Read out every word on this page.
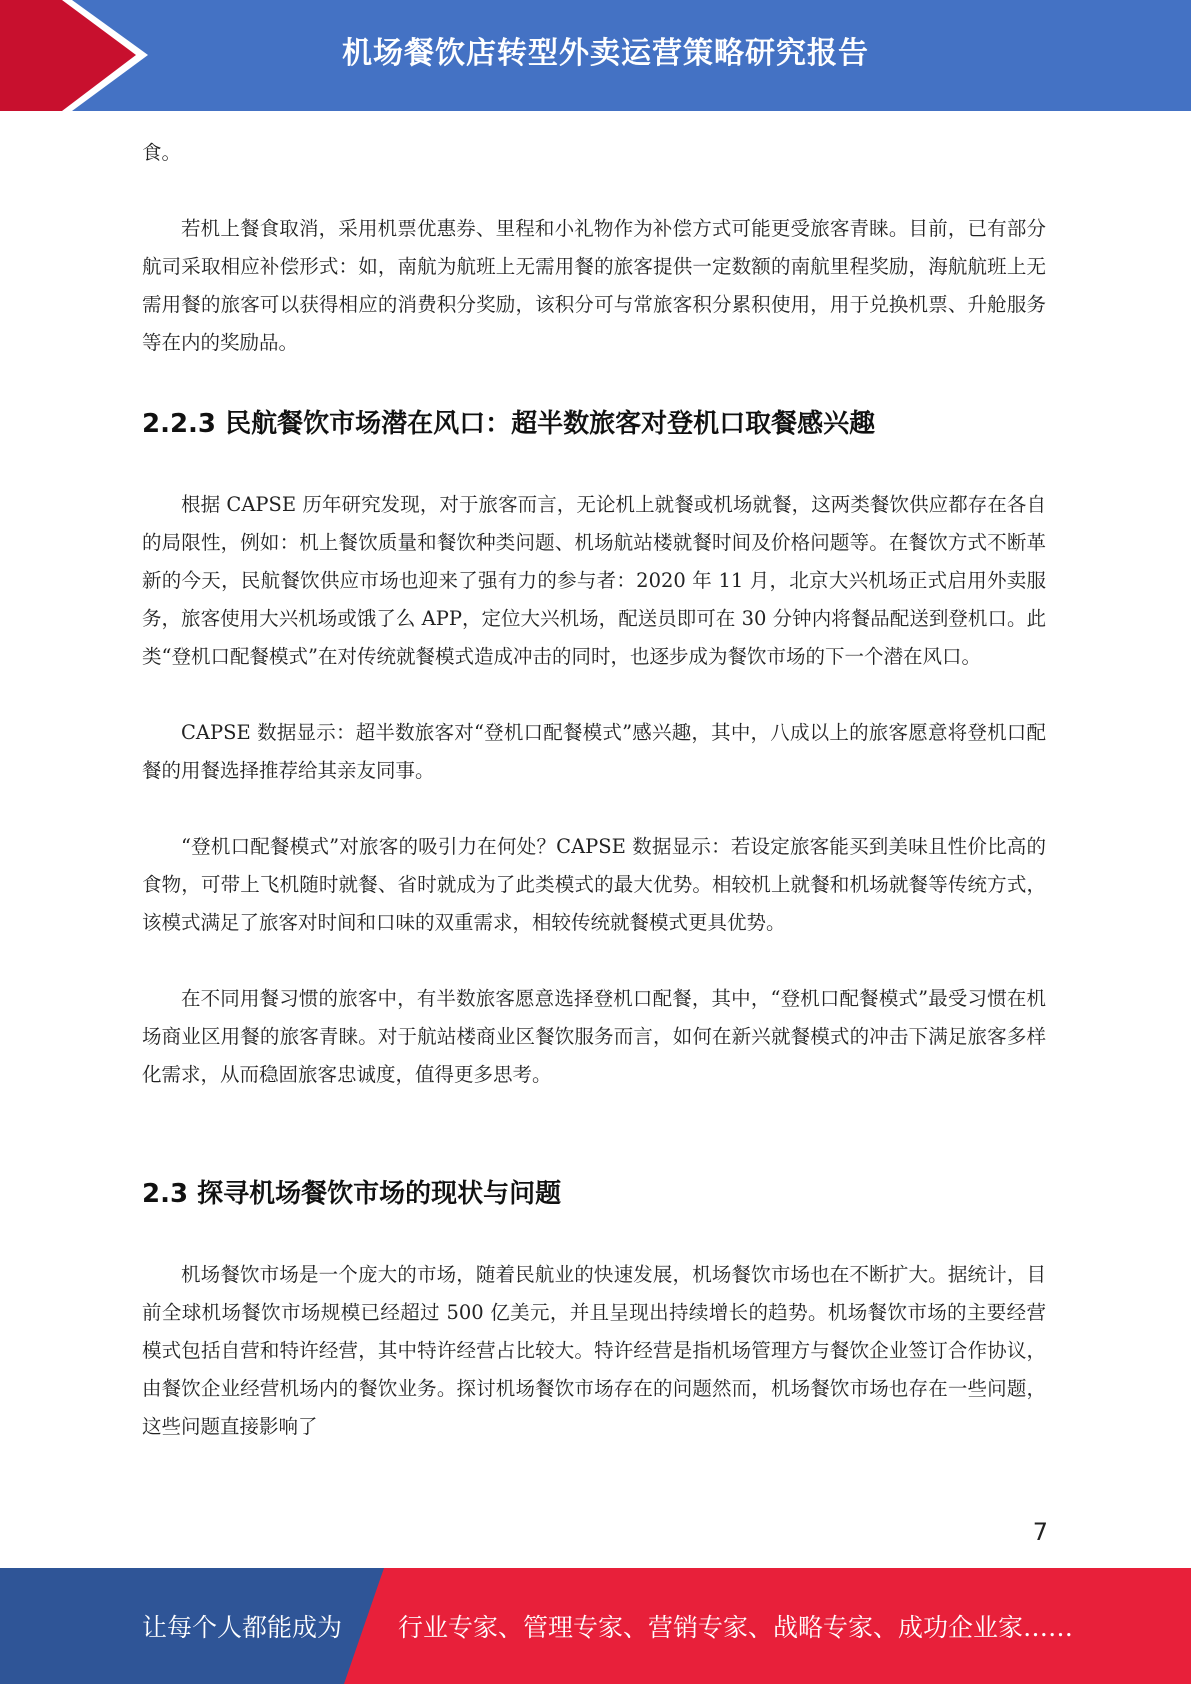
机场餐饮店转型外卖运营策略研究报告

食。

若机上餐食取消，采用机票优惠券、里程和小礼物作为补偿方式可能更受旅客青睐。目前，已有部分航司采取相应补偿形式：如，南航为航班上无需用餐的旅客提供一定数额的南航里程奖励，海航航班上无需用餐的旅客可以获得相应的消费积分奖励，该积分可与常旅客积分累积使用，用于兑换机票、升舱服务等在内的奖励品。

2.2.3 民航餐饮市场潜在风口：超半数旅客对登机口取餐感兴趣

根据 CAPSE 历年研究发现，对于旅客而言，无论机上就餐或机场就餐，这两类餐饮供应都存在各自的局限性，例如：机上餐饮质量和餐饮种类问题、机场航站楼就餐时间及价格问题等。在餐饮方式不断革新的今天，民航餐饮供应市场也迎来了强有力的参与者：2020 年 11 月，北京大兴机场正式启用外卖服务，旅客使用大兴机场或饿了么 APP，定位大兴机场，配送员即可在 30 分钟内将餐品配送到登机口。此类“登机口配餐模式”在对传统就餐模式造成冲击的同时，也逐步成为餐饮市场的下一个潜在风口。

CAPSE 数据显示：超半数旅客对“登机口配餐模式”感兴趣，其中，八成以上的旅客愿意将登机口配餐的用餐选择推荐给其亲友同事。

“登机口配餐模式”对旅客的吸引力在何处？CAPSE 数据显示：若设定旅客能买到美味且性价比高的食物，可带上飞机随时就餐、省时就成为了此类模式的最大优势。相较机上就餐和机场就餐等传统方式，该模式满足了旅客对时间和口味的双重需求，相较传统就餐模式更具优势。

在不同用餐习惯的旅客中，有半数旅客愿意选择登机口配餐，其中，“登机口配餐模式”最受习惯在机场商业区用餐的旅客青睐。对于航站楼商业区餐饮服务而言，如何在新兴就餐模式的冲击下满足旅客多样化需求，从而稳固旅客忠诚度，值得更多思考。

2.3 探寻机场餐饮市场的现状与问题

机场餐饮市场是一个庞大的市场，随着民航业的快速发展，机场餐饮市场也在不断扩大。据统计，目前全球机场餐饮市场规模已经超过 500 亿美元，并且呈现出持续增长的趋势。机场餐饮市场的主要经营模式包括自营和特许经营，其中特许经营占比较大。特许经营是指机场管理方与餐饮企业签订合作协议，由餐饮企业经营机场内的餐饮业务。探讨机场餐饮市场存在的问题然而，机场餐饮市场也存在一些问题，这些问题直接影响了

7
让每个人都能成为 行业专家、管理专家、营销专家、战略专家、成功企业家……
